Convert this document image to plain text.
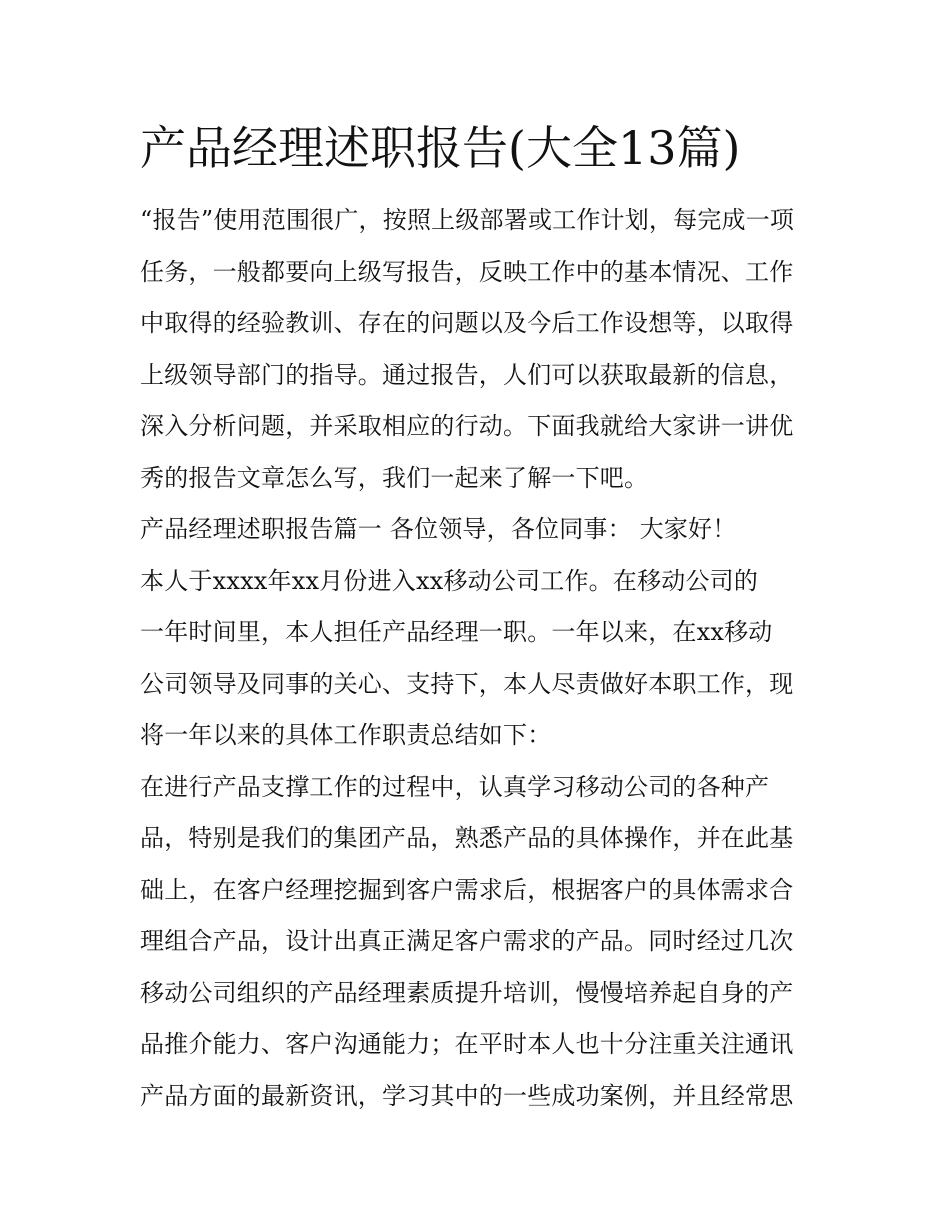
产品经理述职报告(大全13篇)
“报告”使用范围很广，按照上级部署或工作计划，每完成一项
任务，一般都要向上级写报告，反映工作中的基本情况、工作
中取得的经验教训、存在的问题以及今后工作设想等，以取得
上级领导部门的指导。通过报告，人们可以获取最新的信息，
深入分析问题，并采取相应的行动。下面我就给大家讲一讲优
秀的报告文章怎么写，我们一起来了解一下吧。
产品经理述职报告篇一 各位领导，各位同事： 大家好！
本人于xxxx年xx月份进入xx移动公司工作。在移动公司的
一年时间里，本人担任产品经理一职。一年以来，在xx移动
公司领导及同事的关心、支持下，本人尽责做好本职工作，现
将一年以来的具体工作职责总结如下：
在进行产品支撑工作的过程中，认真学习移动公司的各种产
品，特别是我们的集团产品，熟悉产品的具体操作，并在此基
础上，在客户经理挖掘到客户需求后，根据客户的具体需求合
理组合产品，设计出真正满足客户需求的产品。同时经过几次
移动公司组织的产品经理素质提升培训，慢慢培养起自身的产
品推介能力、客户沟通能力；在平时本人也十分注重关注通讯
产品方面的最新资讯，学习其中的一些成功案例，并且经常思
